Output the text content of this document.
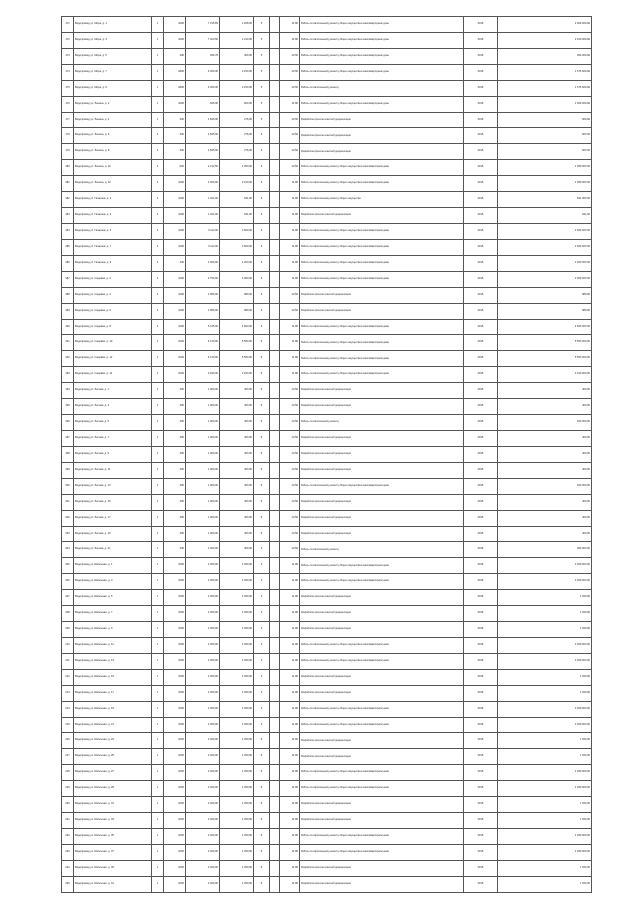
171	Водопровод ул. Мира, д. 1	1	1000	7 315,83	1 208,00	5		11,80	Работы по капитальному ремонту общего имущества в многоквартирном доме	2015	2 000 000,00
172	Водопровод ул. Мира, д. 3	1	1000	7 320,50	1 210,00	5		11,80	Работы по капитальному ремонту общего имущества в многоквартирном доме	2015	2 100 000,00
173	Водопровод ул. Мира, д. 5	1	400	946,78	400,00	5		10,50	Работы по капитальному ремонту общего имущества в многоквартирном доме	2015	350 000,00
174	Водопровод ул. Мира, д. 7	1	1800	4 450,00	3 150,00	5		10,50	Работы по капитальному ремонту общего имущества в многоквартирном доме	2015	1 575 000,00
175	Водопровод ул. Мира, д. 9	1	1800	4 450,00	3 150,00	5		10,50	Работы по капитальному ремонту	2015	1 575 000,00
176	Водопровод ул. Ленина, д. 2	1	1000	625,00	500,00	5		11,80	Работы по капитальному ремонту общего имущества в многоквартирном доме	2015	1 500 000,00
177	Водопровод ул. Ленина, д. 4	1	300	1 845,00	276,00	5		10,50	Разработка проектно-сметной документации	2015	500,00
178	Водопровод ул. Ленина, д. 6	1	300	1 845,00	276,00	5		10,50	Разработка проектно-сметной документации	2015	500,00
179	Водопровод ул. Ленина, д. 8	1	300	1 845,00	276,00	5		10,50	Разработка проектно-сметной документации	2015	500,00
180	Водопровод ул. Ленина, д. 10	1	600	2 212,50	1 050,00	5		10,50	Работы по капитальному ремонту общего имущества в многоквартирном доме	2015	1 050 000,00
181	Водопровод ул. Ленина, д. 12	1	1000	3 450,00	2 100,00	5		11,80	Работы по капитальному ремонту общего имущества в многоквартирном доме	2015	1 050 000,00
182	Водопровод ул. Гагарина, д. 1	1	1000	1 042,00	641,00	5		11,80	Работы по капитальному ремонту общего имущества	2015	641 000,00
183	Водопровод ул. Гагарина, д. 3	1	1000	1 042,00	641,00	5		11,80	Разработка проектно-сметной документации	2015	641,00
184	Водопровод ул. Гагарина, д. 5	1	1000	3 112,00	2 600,00	5		11,80	Работы по капитальному ремонту общего имущества в многоквартирном доме	2015	2 600 000,00
185	Водопровод ул. Гагарина, д. 7	1	1000	3 112,00	2 600,00	5		11,80	Работы по капитальному ремонту общего имущества в многоквартирном доме	2015	2 600 000,00
186	Водопровод ул. Гагарина, д. 9	1	400	1 450,00	1 200,00	5		11,80	Работы по капитальному ремонту общего имущества в многоквартирном доме	2015	1 200 000,00
187	Водопровод ул. Садовая, д. 2	1	1000	2 750,00	2 000,00	5		11,80	Работы по капитальному ремонту общего имущества в многоквартирном доме	2015	2 000 000,00
188	Водопровод ул. Садовая, д. 4	1	1000	1 980,00	980,00	5		10,50	Разработка проектно-сметной документации	2015	980,00
189	Водопровод ул. Садовая, д. 6	1	1000	1 980,00	980,00	5		10,50	Разработка проектно-сметной документации	2015	980,00
190	Водопровод ул. Садовая, д. 8	1	1000	5 415,00	4 820,00	5		11,80	Работы по капитальному ремонту общего имущества в многоквартирном доме	2015	4 820 000,00
191	Водопровод ул. Садовая, д. 10	1	1000	6 470,00	5 550,00	5		11,80	Работы по капитальному ремонту общего имущества в многоквартирном доме	2015	5 550 000,00
192	Водопровод ул. Садовая, д. 12	1	1000	6 470,00	5 550,00	5		11,80	Работы по капитальному ремонту общего имущества в многоквартирном доме	2015	5 550 000,00
193	Водопровод ул. Садовая, д. 14	1	1000	2 940,00	2 150,00	5		11,80	Работы по капитальному ремонту общего имущества в многоквартирном доме	2015	2 150 000,00
194	Водопровод ул. Лесная, д. 1	1	400	1 000,00	400,00	5		10,50	Разработка проектно-сметной документации	2015	400,00
195	Водопровод ул. Лесная, д. 3	1	400	1 000,00	400,00	5		10,50	Разработка проектно-сметной документации	2015	400,00
196	Водопровод ул. Лесная, д. 5	1	400	1 000,00	400,00	5		10,50	Работы по капитальному ремонту	2015	400 000,00
197	Водопровод ул. Лесная, д. 7	1	400	1 000,00	400,00	5		10,50	Разработка проектно-сметной документации	2015	400,00
198	Водопровод ул. Лесная, д. 9	1	400	1 000,00	400,00	5		10,50	Разработка проектно-сметной документации	2015	400,00
199	Водопровод ул. Лесная, д. 11	1	400	1 000,00	400,00	5		10,50	Разработка проектно-сметной документации	2015	400,00
200	Водопровод ул. Лесная, д. 13	1	400	1 000,00	400,00	5		10,50	Работы по капитальному ремонту общего имущества в многоквартирном доме	2015	400 000,00
201	Водопровод ул. Лесная, д. 15	1	400	1 000,00	400,00	5		10,50	Разработка проектно-сметной документации	2015	400,00
202	Водопровод ул. Лесная, д. 17	1	400	1 000,00	400,00	5		10,50	Разработка проектно-сметной документации	2015	400,00
203	Водопровод ул. Лесная, д. 19	1	400	1 000,00	400,00	5		10,50	Разработка проектно-сметной документации	2015	400,00
204	Водопровод ул. Лесная, д. 21	1	400	1 000,00	400,00	5		10,50	Работы по капитальному ремонту	2015	400 000,00
205	Водопровод ул. Школьная, д. 1	1	1000	2 450,00	1 450,00	5		11,80	Работы по капитальному ремонту общего имущества в многоквартирном доме	2015	1 450 000,00
206	Водопровод ул. Школьная, д. 3	1	1000	2 450,00	1 450,00	5		11,80	Работы по капитальному ремонту общего имущества в многоквартирном доме	2015	1 450 000,00
207	Водопровод ул. Школьная, д. 5	1	1000	2 450,00	1 450,00	5		11,80	Разработка проектно-сметной документации	2015	1 450,00
208	Водопровод ул. Школьная, д. 7	1	1000	2 450,00	1 450,00	5		11,80	Разработка проектно-сметной документации	2015	1 450,00
209	Водопровод ул. Школьная, д. 9	1	1000	2 450,00	1 450,00	5		11,80	Разработка проектно-сметной документации	2015	1 450,00
210	Водопровод ул. Школьная, д. 11	1	1000	2 450,00	1 450,00	5		11,80	Работы по капитальному ремонту общего имущества в многоквартирном доме	2015	1 450 000,00
211	Водопровод ул. Школьная, д. 13	1	1000	2 450,00	1 450,00	5		11,80	Работы по капитальному ремонту общего имущества в многоквартирном доме	2015	1 450 000,00
212	Водопровод ул. Школьная, д. 15	1	1000	2 450,00	1 450,00	5		11,80	Разработка проектно-сметной документации	2015	1 450,00
213	Водопровод ул. Школьная, д. 17	1	1000	2 450,00	1 450,00	5		11,80	Разработка проектно-сметной документации	2015	1 450,00
214	Водопровод ул. Школьная, д. 19	1	1000	2 450,00	1 450,00	5		11,80	Работы по капитальному ремонту общего имущества в многоквартирном доме	2015	1 450 000,00
215	Водопровод ул. Школьная, д. 21	1	1000	2 450,00	1 450,00	5		11,80	Работы по капитальному ремонту общего имущества в многоквартирном доме	2015	1 450 000,00
216	Водопровод ул. Школьная, д. 23	1	1000	2 450,00	1 450,00	5		11,80	Разработка проектно-сметной документации	2015	1 450,00
217	Водопровод ул. Школьная, д. 25	1	1000	2 450,00	1 450,00	5		11,80	Разработка проектно-сметной документации	2015	1 450,00
218	Водопровод ул. Школьная, д. 27	1	1000	2 450,00	1 450,00	5		11,80	Работы по капитальному ремонту общего имущества в многоквартирном доме	2015	1 450 000,00
219	Водопровод ул. Школьная, д. 29	1	1000	2 450,00	1 450,00	5		11,80	Работы по капитальному ремонту общего имущества в многоквартирном доме	2015	1 450 000,00
220	Водопровод ул. Школьная, д. 31	1	1000	2 450,00	1 450,00	5		11,80	Разработка проектно-сметной документации	2015	1 450,00
221	Водопровод ул. Школьная, д. 33	1	1000	2 450,00	1 450,00	5		11,80	Разработка проектно-сметной документации	2015	1 450,00
222	Водопровод ул. Школьная, д. 35	1	1000	2 450,00	1 450,00	5		11,80	Работы по капитальному ремонту общего имущества в многоквартирном доме	2015	1 450 000,00
223	Водопровод ул. Школьная, д. 37	1	1000	2 450,00	1 450,00	5		11,80	Работы по капитальному ремонту общего имущества в многоквартирном доме	2015	1 450 000,00
224	Водопровод ул. Школьная, д. 39	1	1000	2 450,00	1 450,00	5		11,80	Разработка проектно-сметной документации	2015	1 450,00
225	Водопровод ул. Школьная, д. 41	1	1000	2 450,00	1 450,00	5		11,80	Разработка проектно-сметной документации	2015	1 450,00
